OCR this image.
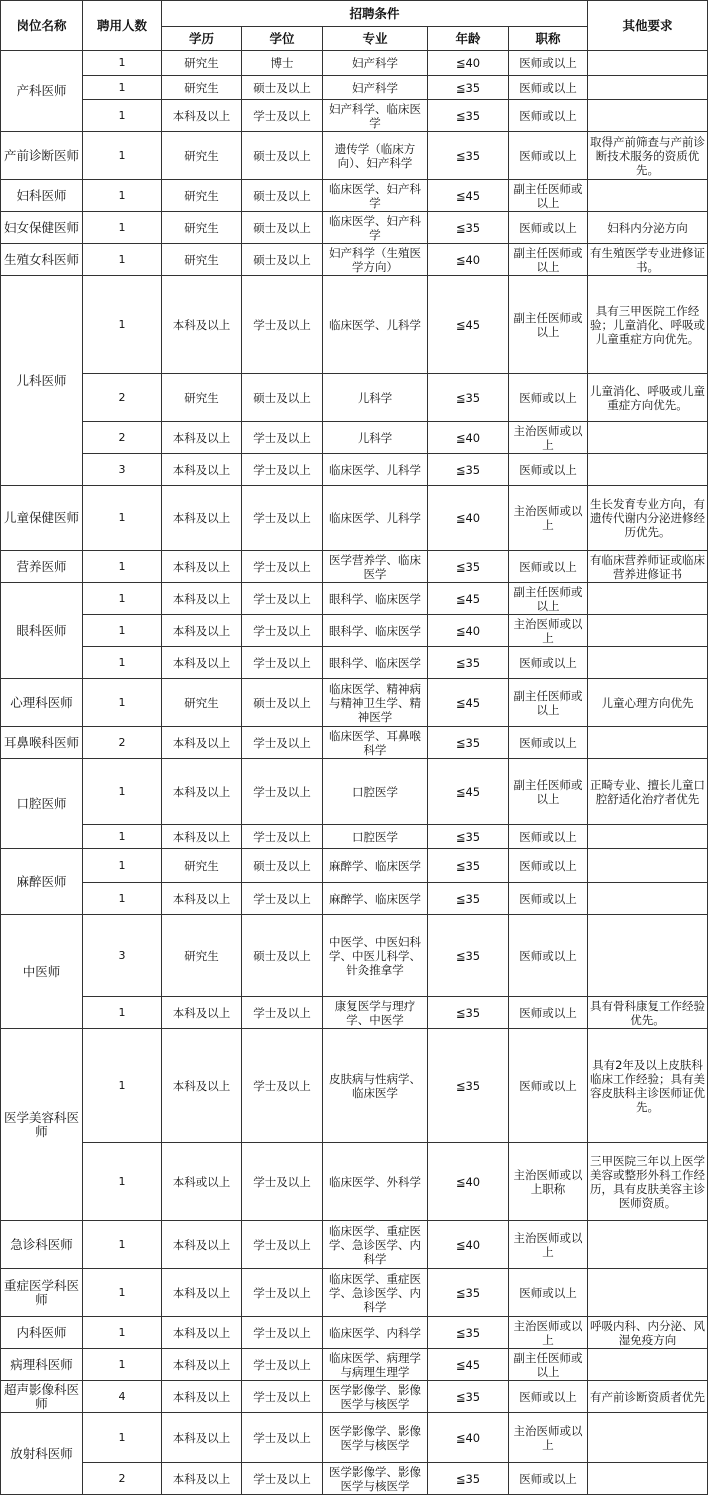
岗位名称	聘用人数	招聘条件					其他要求
		学历	学位	专业	年龄	职称	
产科医师	1	研究生	博士	妇产科学	≦40	医师或以上	
	1	研究生	硕士及以上	妇产科学	≦35	医师或以上	
	1	本科及以上	学士及以上	妇产科学、临床医学	≦35	医师或以上	
产前诊断医师	1	研究生	硕士及以上	遗传学（临床方向）、妇产科学	≦35	医师或以上	取得产前筛查与产前诊断技术服务的资质优先。
妇科医师	1	研究生	硕士及以上	临床医学、妇产科学	≦45	副主任医师或以上	
妇女保健医师	1	研究生	硕士及以上	临床医学、妇产科学	≦35	医师或以上	妇科内分泌方向
生殖女科医师	1	研究生	硕士及以上	妇产科学（生殖医学方向）	≦40	副主任医师或以上	有生殖医学专业进修证书。
儿科医师	1	本科及以上	学士及以上	临床医学、儿科学	≦45	副主任医师或以上	具有三甲医院工作经验；儿童消化、呼吸或儿童重症方向优先。
	2	研究生	硕士及以上	儿科学	≦35	医师或以上	儿童消化、呼吸或儿童重症方向优先。
	2	本科及以上	学士及以上	儿科学	≦40	主治医师或以上	
	3	本科及以上	学士及以上	临床医学、儿科学	≦35	医师或以上	
儿童保健医师	1	本科及以上	学士及以上	临床医学、儿科学	≦40	主治医师或以上	生长发育专业方向，有遗传代谢内分泌进修经历优先。
营养医师	1	本科及以上	学士及以上	医学营养学、临床医学	≦35	医师或以上	有临床营养师证或临床营养进修证书
眼科医师	1	本科及以上	学士及以上	眼科学、临床医学	≦45	副主任医师或以上	
	1	本科及以上	学士及以上	眼科学、临床医学	≦40	主治医师或以上	
	1	本科及以上	学士及以上	眼科学、临床医学	≦35	医师或以上	
心理科医师	1	研究生	硕士及以上	临床医学、精神病与精神卫生学、精神医学	≦45	副主任医师或以上	儿童心理方向优先
耳鼻喉科医师	2	本科及以上	学士及以上	临床医学、耳鼻喉科学	≦35	医师或以上	
口腔医师	1	本科及以上	学士及以上	口腔医学	≦45	副主任医师或以上	正畸专业、擅长儿童口腔舒适化治疗者优先
	1	本科及以上	学士及以上	口腔医学	≦35	医师或以上	
麻醉医师	1	研究生	硕士及以上	麻醉学、临床医学	≦35	医师或以上	
	1	本科及以上	学士及以上	麻醉学、临床医学	≦35	医师或以上	
中医师	3	研究生	硕士及以上	中医学、中医妇科学、中医儿科学、针灸推拿学	≦35	医师或以上	
	1	本科及以上	学士及以上	康复医学与理疗学、中医学	≦35	医师或以上	具有骨科康复工作经验优先。
医学美容科医师	1	本科及以上	学士及以上	皮肤病与性病学、临床医学	≦35	医师或以上	具有2年及以上皮肤科临床工作经验；具有美容皮肤科主诊医师证优先。
	1	本科或以上	学士及以上	临床医学、外科学	≦40	主治医师或以上职称	三甲医院三年以上医学美容或整形外科工作经历，具有皮肤美容主诊医师资质。
急诊科医师	1	本科及以上	学士及以上	临床医学、重症医学、急诊医学、内科学	≦40	主治医师或以上	
重症医学科医师	1	本科及以上	学士及以上	临床医学、重症医学、急诊医学、内科学	≦35	医师或以上	
内科医师	1	本科及以上	学士及以上	临床医学、内科学	≦35	主治医师或以上	呼吸内科、内分泌、风湿免疫方向
病理科医师	1	本科及以上	学士及以上	临床医学、病理学与病理生理学	≦45	副主任医师或以上	
超声影像科医师	4	本科及以上	学士及以上	医学影像学、影像医学与核医学	≦35	医师或以上	有产前诊断资质者优先
放射科医师	1	本科及以上	学士及以上	医学影像学、影像医学与核医学	≦40	主治医师或以上	
	2	本科及以上	学士及以上	医学影像学、影像医学与核医学	≦35	医师或以上	
